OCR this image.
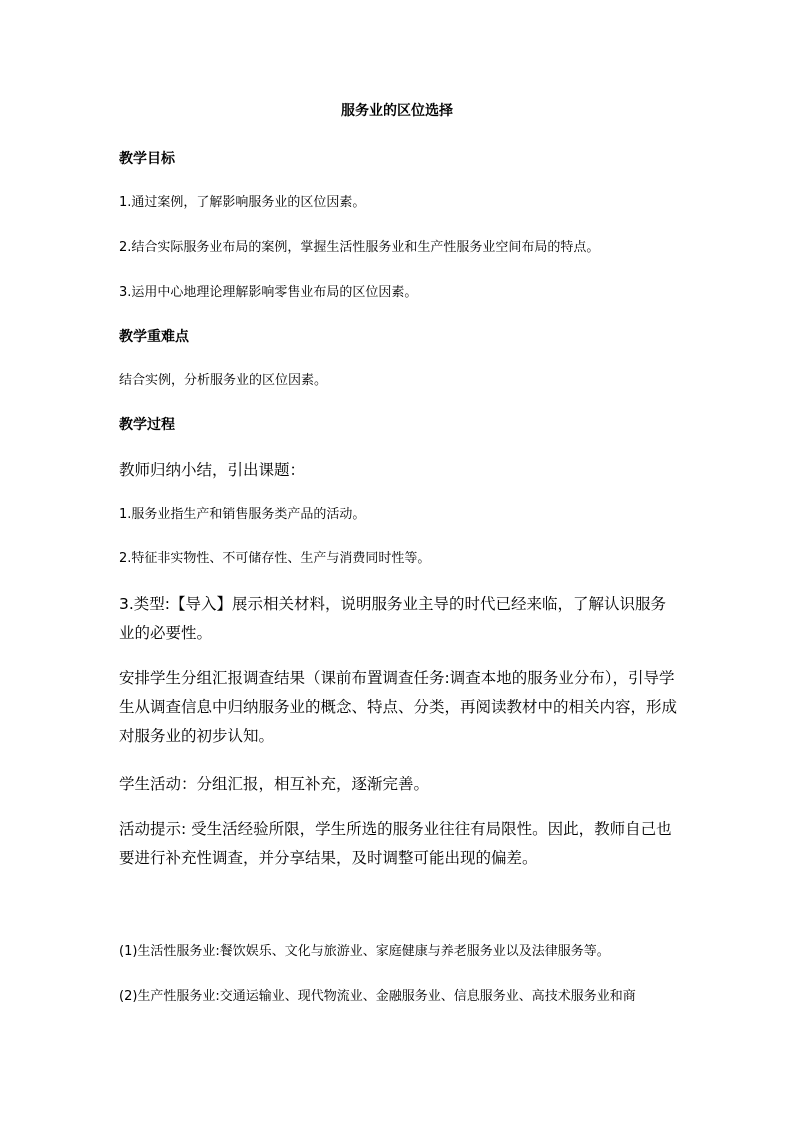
服务业的区位选择

教学目标

1.通过案例，了解影响服务业的区位因素。

2.结合实际服务业布局的案例，掌握生活性服务业和生产性服务业空间布局的特点。

3.运用中心地理论理解影响零售业布局的区位因素。

教学重难点

结合实例，分析服务业的区位因素。

教学过程

教师归纳小结，引出课题：

1.服务业指生产和销售服务类产品的活动。

2.特征非实物性、不可储存性、生产与消费同时性等。

3.类型:【导入】展示相关材料，说明服务业主导的时代已经来临，了解认识服务业的必要性。

安排学生分组汇报调查结果（课前布置调查任务:调查本地的服务业分布），引导学生从调查信息中归纳服务业的概念、特点、分类，再阅读教材中的相关内容，形成对服务业的初步认知。

学生活动：分组汇报，相互补充，逐渐完善。

活动提示: 受生活经验所限，学生所选的服务业往往有局限性。因此，教师自己也要进行补充性调查，并分享结果，及时调整可能出现的偏差。

(1)生活性服务业:餐饮娱乐、文化与旅游业、家庭健康与养老服务业以及法律服务等。

(2)生产性服务业:交通运输业、现代物流业、金融服务业、信息服务业、高技术服务业和商
